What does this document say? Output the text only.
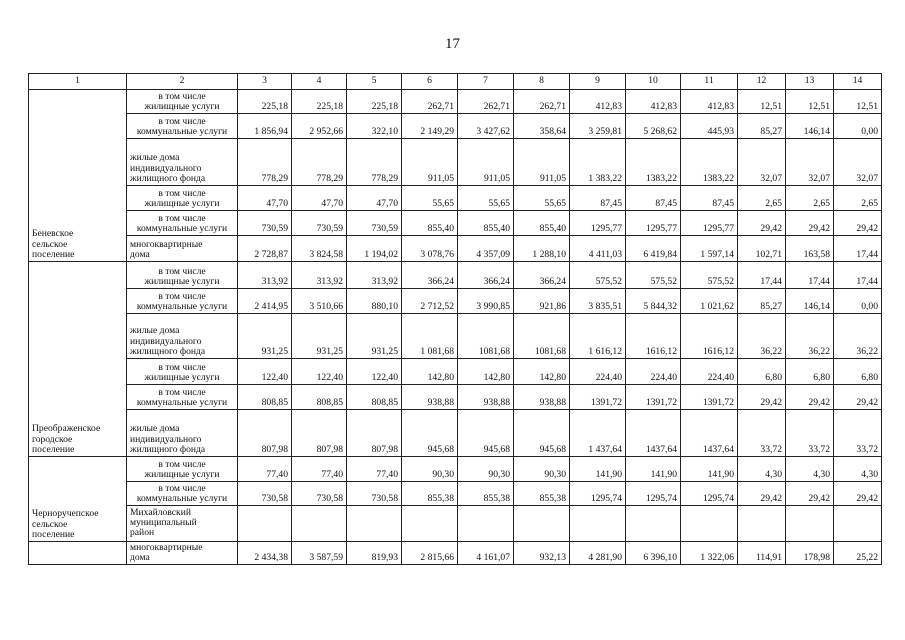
17
1	2	3	4	5	6	7	8	9	10	11	12	13	14	

Беневское
сельское
поселение	в том числе
жилищные услуги	225,18	225,18	225,18	262,71	262,71	262,71	412,83	412,83	412,83	12,51	12,51	12,51	

	в том числе
коммунальные услуги	1 856,94	2 952,66	322,10	2 149,29	3 427,62	358,64	3 259,81	5 268,62	445,93	85,27	146,14	0,00	

	жилые дома
индивидуального
жилищного фонда	778,29	778,29	778,29	911,05	911,05	911,05	1 383,22	1383,22	1383,22	32,07	32,07	32,07	

	в том числе
жилищные услуги	47,70	47,70	47,70	55,65	55,65	55,65	87,45	87,45	87,45	2,65	2,65	2,65	

	в том числе
коммунальные услуги	730,59	730,59	730,59	855,40	855,40	855,40	1295,77	1295,77	1295,77	29,42	29,42	29,42	

	многоквартирные
дома	2 728,87	3 824,58	1 194,02	3 078,76	4 357,09	1 288,10	4 411,03	6 419,84	1 597,14	102,71	163,58	17,44	

Преображенское
городское
поселение	в том числе
жилищные услуги	313,92	313,92	313,92	366,24	366,24	366,24	575,52	575,52	575,52	17,44	17,44	17,44	

	в том числе
коммунальные услуги	2 414,95	3 510,66	880,10	2 712,52	3 990,85	921,86	3 835,51	5 844,32	1 021,62	85,27	146,14	0,00	

	жилые дома
индивидуального
жилищного фонда	931,25	931,25	931,25	1 081,68	1081,68	1081,68	1 616,12	1616,12	1616,12	36,22	36,22	36,22	

	в том числе
жилищные услуги	122,40	122,40	122,40	142,80	142,80	142,80	224,40	224,40	224,40	6,80	6,80	6,80	

	в том числе
коммунальные услуги	808,85	808,85	808,85	938,88	938,88	938,88	1391,72	1391,72	1391,72	29,42	29,42	29,42	

	жилые дома
индивидуального
жилищного фонда	807,98	807,98	807,98	945,68	945,68	945,68	1 437,64	1437,64	1437,64	33,72	33,72	33,72	

Черноручепское
сельское
поселение	в том числе
жилищные услуги	77,40	77,40	77,40	90,30	90,30	90,30	141,90	141,90	141,90	4,30	4,30	4,30	

	в том числе
коммунальные услуги	730,58	730,58	730,58	855,38	855,38	855,38	1295,74	1295,74	1295,74	29,42	29,42	29,42	

	Михайловский
муниципальный
район													

	многоквартирные
дома	2 434,38	3 587,59	819,93	2 815,66	4 161,07	932,13	4 281,90	6 396,10	1 322,06	114,91	178,98	25,22	
